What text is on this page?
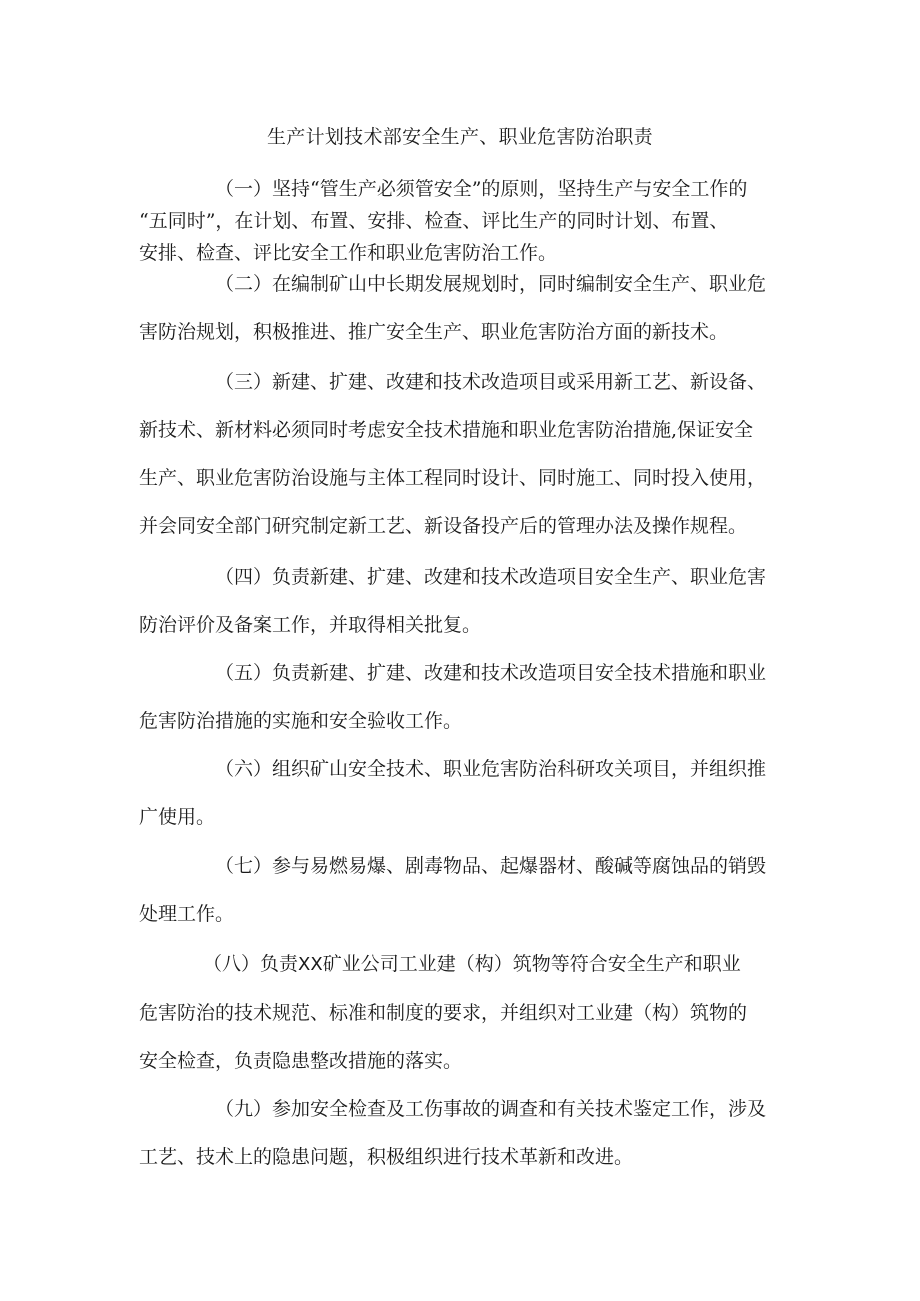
生产计划技术部安全生产、职业危害防治职责
（一）坚持“管生产必须管安全”的原则，坚持生产与安全工作的
“五同时”，在计划、布置、安排、检查、评比生产的同时计划、布置、
安排、检查、评比安全工作和职业危害防治工作。
（二）在编制矿山中长期发展规划时，同时编制安全生产、职业危
害防治规划，积极推进、推广安全生产、职业危害防治方面的新技术。
（三）新建、扩建、改建和技术改造项目或采用新工艺、新设备、
新技术、新材料必须同时考虑安全技术措施和职业危害防治措施,保证安全
生产、职业危害防治设施与主体工程同时设计、同时施工、同时投入使用，
并会同安全部门研究制定新工艺、新设备投产后的管理办法及操作规程。
（四）负责新建、扩建、改建和技术改造项目安全生产、职业危害
防治评价及备案工作，并取得相关批复。
（五）负责新建、扩建、改建和技术改造项目安全技术措施和职业
危害防治措施的实施和安全验收工作。
（六）组织矿山安全技术、职业危害防治科研攻关项目，并组织推
广使用。
（七）参与易燃易爆、剧毒物品、起爆器材、酸碱等腐蚀品的销毁
处理工作。
（八）负责XX矿业公司工业建（构）筑物等符合安全生产和职业
危害防治的技术规范、标准和制度的要求，并组织对工业建（构）筑物的
安全检查，负责隐患整改措施的落实。
（九）参加安全检查及工伤事故的调查和有关技术鉴定工作，涉及
工艺、技术上的隐患问题，积极组织进行技术革新和改进。
